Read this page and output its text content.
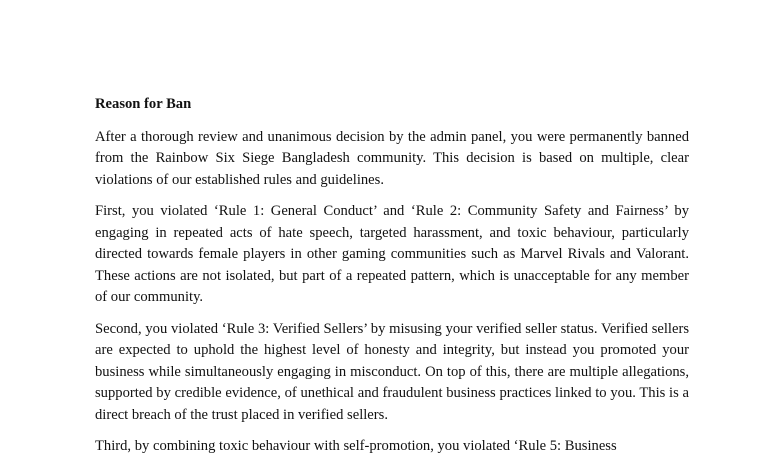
Reason for Ban

After a thorough review and unanimous decision by the admin panel, you were permanently banned from the Rainbow Six Siege Bangladesh community. This decision is based on multiple, clear violations of our established rules and guidelines.

First, you violated ‘Rule 1: General Conduct’ and ‘Rule 2: Community Safety and Fairness’ by engaging in repeated acts of hate speech, targeted harassment, and toxic behaviour, particularly directed towards female players in other gaming communities such as Marvel Rivals and Valorant. These actions are not isolated, but part of a repeated pattern, which is unacceptable for any member of our community.

Second, you violated ‘Rule 3: Verified Sellers’ by misusing your verified seller status. Verified sellers are expected to uphold the highest level of honesty and integrity, but instead you promoted your business while simultaneously engaging in misconduct. On top of this, there are multiple allegations, supported by credible evidence, of unethical and fraudulent business practices linked to you. This is a direct breach of the trust placed in verified sellers.

Third, by combining toxic behaviour with self-promotion, you violated ‘Rule 5: Business
